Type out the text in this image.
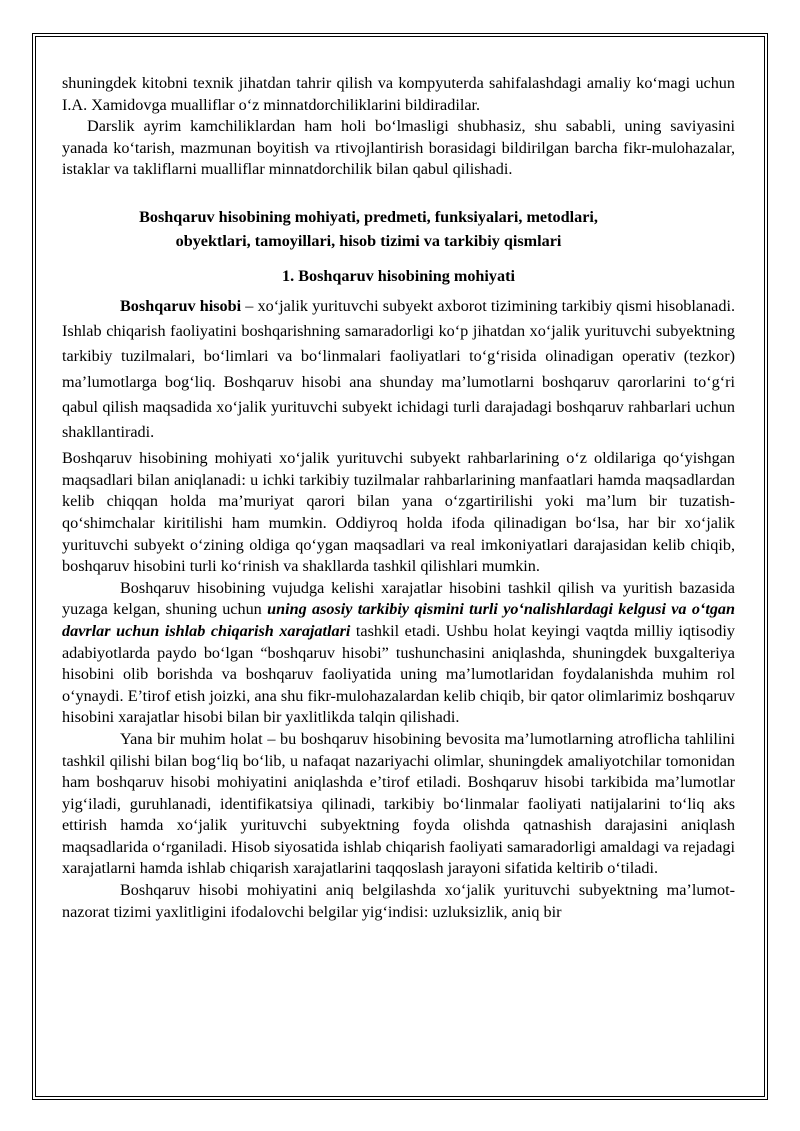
shuningdek kitobni texnik jihatdan tahrir qilish va kompyuterda sahifalashdagi amaliy ko‘magi uchun I.A. Xamidovga mualliflar o‘z minnatdorchiliklarini bildiradilar.

Darslik ayrim kamchiliklardan ham holi bo‘lmasligi shubhasiz, shu sababli, uning saviyasini yanada ko‘tarish, mazmunan boyitish va rtivojlantirish borasidagi bildirilgan barcha fikr-mulohazalar, istaklar va takliflarni mualliflar minnatdorchilik bilan qabul qilishadi.

Boshqaruv hisobining mohiyati, predmeti, funksiyalari, metodlari,
obyektlari, tamoyillari, hisob tizimi va tarkibiy qismlari
1. Boshqaruv hisobining mohiyati

Boshqaruv hisobi – xo‘jalik yurituvchi subyekt axborot tizimining tarkibiy qismi hisoblanadi. Ishlab chiqarish faoliyatini boshqarishning samaradorligi ko‘p jihatdan xo‘jalik yurituvchi subyektning tarkibiy tuzilmalari, bo‘limlari va bo‘linmalari faoliyatlari to‘g‘risida olinadigan operativ (tezkor) ma’lumotlarga bog‘liq. Boshqaruv hisobi ana shunday ma’lumotlarni boshqaruv qarorlarini to‘g‘ri qabul qilish maqsadida xo‘jalik yurituvchi subyekt ichidagi turli darajadagi boshqaruv rahbarlari uchun shakllantiradi.

Boshqaruv hisobining mohiyati xo‘jalik yurituvchi subyekt rahbarlarining o‘z oldilariga qo‘yishgan maqsadlari bilan aniqlanadi: u ichki tarkibiy tuzilmalar rahbarlarining manfaatlari hamda maqsadlardan kelib chiqqan holda ma’muriyat qarori bilan yana o‘zgartirilishi yoki ma’lum bir tuzatish-qo‘shimchalar kiritilishi ham mumkin. Oddiyroq holda ifoda qilinadigan bo‘lsa, har bir xo‘jalik yurituvchi subyekt o‘zining oldiga qo‘ygan maqsadlari va real imkoniyatlari darajasidan kelib chiqib, boshqaruv hisobini turli ko‘rinish va shakllarda tashkil qilishlari mumkin.

Boshqaruv hisobining vujudga kelishi xarajatlar hisobini tashkil qilish va yuritish bazasida yuzaga kelgan, shuning uchun uning asosiy tarkibiy qismini turli yo‘nalishlardagi kelgusi va o‘tgan davrlar uchun ishlab chiqarish xarajatlari tashkil etadi. Ushbu holat keyingi vaqtda milliy iqtisodiy adabiyotlarda paydo bo‘lgan “boshqaruv hisobi” tushunchasini aniqlashda, shuningdek buxgalteriya hisobini olib borishda va boshqaruv faoliyatida uning ma’lumotlaridan foydalanishda muhim rol o‘ynaydi. E’tirof etish joizki, ana shu fikr-mulohazalardan kelib chiqib, bir qator olimlarimiz boshqaruv hisobini xarajatlar hisobi bilan bir yaxlitlikda talqin qilishadi.

Yana bir muhim holat – bu boshqaruv hisobining bevosita ma’lumotlarning atroflicha tahlilini tashkil qilishi bilan bog‘liq bo‘lib, u nafaqat nazariyachi olimlar, shuningdek amaliyotchilar tomonidan ham boshqaruv hisobi mohiyatini aniqlashda e’tirof etiladi. Boshqaruv hisobi tarkibida ma’lumotlar yig‘iladi, guruhlanadi, identifikatsiya qilinadi, tarkibiy bo‘linmalar faoliyati natijalarini to‘liq aks ettirish hamda xo‘jalik yurituvchi subyektning foyda olishda qatnashish darajasini aniqlash maqsadlarida o‘rganiladi. Hisob siyosatida ishlab chiqarish faoliyati samaradorligi amaldagi va rejadagi xarajatlarni hamda ishlab chiqarish xarajatlarini taqqoslash jarayoni sifatida keltirib o‘tiladi.

Boshqaruv hisobi mohiyatini aniq belgilashda xo‘jalik yurituvchi subyektning ma’lumot-nazorat tizimi yaxlitligini ifodalovchi belgilar yig‘indisi: uzluksizlik, aniq bir
